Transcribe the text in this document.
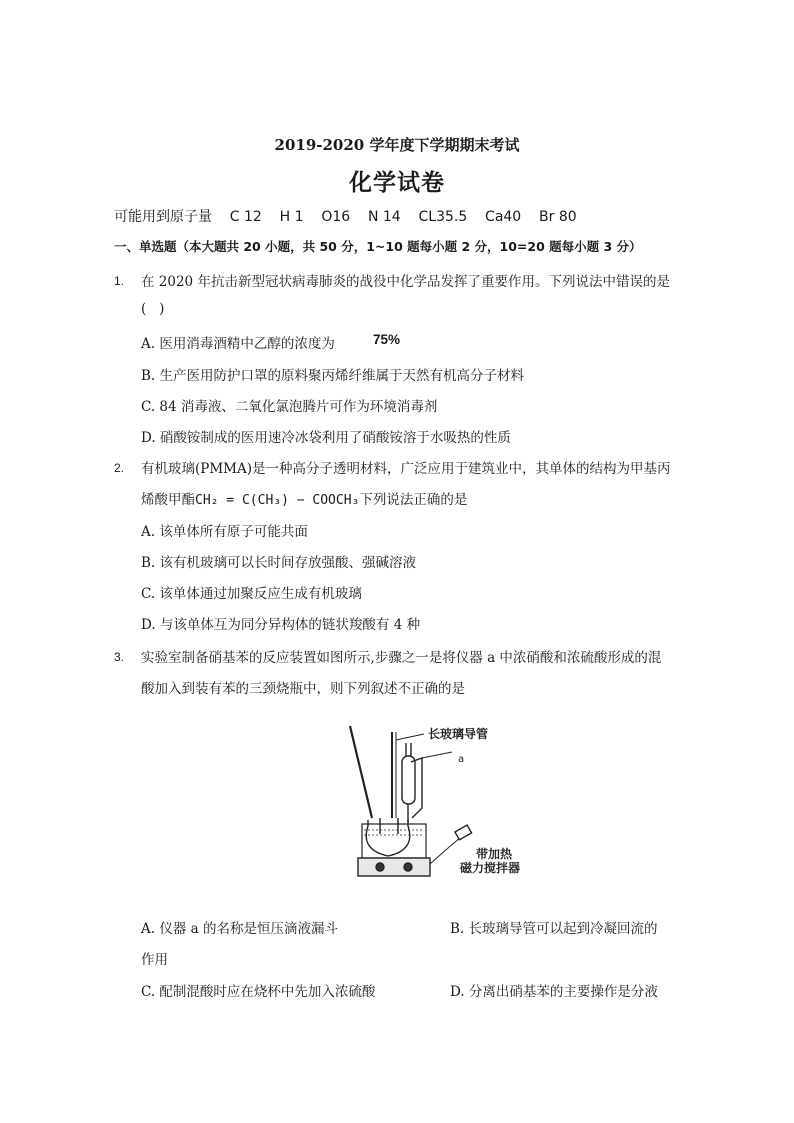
2019-2020 学年度下学期期末考试
化学试卷
可能用到原子量    C 12    H 1    O16    N 14    CL35.5    Ca40    Br 80
一、单选题（本大题共 20 小题，共 50 分，1~10 题每小题 2 分，10=20 题每小题 3 分）
1. 在 2020 年抗击新型冠状病毒肺炎的战役中化学品发挥了重要作用。下列说法中错误的是
(   )
A. 医用消毒酒精中乙醇的浓度为	75%
B. 生产医用防护口罩的原料聚丙烯纤维属于天然有机高分子材料
C. 84 消毒液、二氧化氯泡腾片可作为环境消毒剂
D. 硝酸铵制成的医用速冷冰袋利用了硝酸铵溶于水吸热的性质
2. 有机玻璃(PMMA)是一种高分子透明材料，广泛应用于建筑业中，其单体的结构为甲基丙
烯酸甲酯CH₂ = C(CH₃) − COOCH₃下列说法正确的是
A. 该单体所有原子可能共面
B. 该有机玻璃可以长时间存放强酸、强碱溶液
C. 该单体通过加聚反应生成有机玻璃
D. 与该单体互为同分异构体的链状羧酸有 4 种
3. 实验室制备硝基苯的反应装置如图所示,步骤之一是将仪器 a 中浓硝酸和浓硫酸形成的混
酸加入到装有苯的三颈烧瓶中，则下列叙述不正确的是
长玻璃导管
a
带加热
磁力搅拌器
A. 仪器 a 的名称是恒压滴液漏斗	B. 长玻璃导管可以起到冷凝回流的
作用
C. 配制混酸时应在烧杯中先加入浓硫酸	D. 分离出硝基苯的主要操作是分液
